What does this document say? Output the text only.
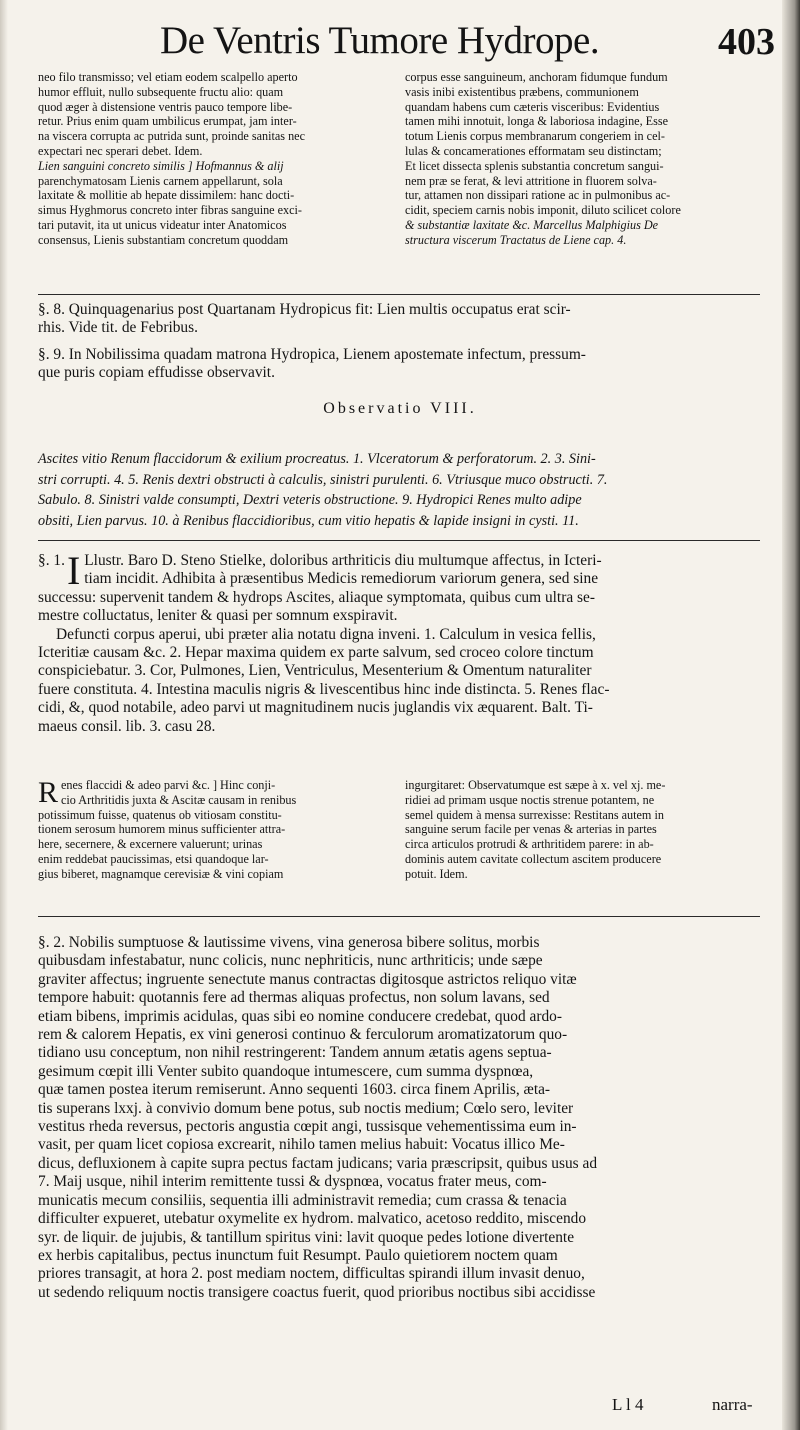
De Ventris Tumore Hydrope.	403

neo filo transmisso; vel etiam eodem scalpello aperto

humor effluit, nullo subsequente fructu alio: quam

quod æger à distensione ventris pauco tempore libe-

retur. Prius enim quam umbilicus erumpat, jam inter-

na viscera corrupta ac putrida sunt, proinde sanitas nec

expectari nec sperari debet. Idem.

Lien sanguini concreto similis ] Hofmannus & alij

parenchymatosam Lienis carnem appellarunt, sola

laxitate & mollitie ab hepate dissimilem: hanc docti-

simus Hyghmorus concreto inter fibras sanguine exci-

tari putavit, ita ut unicus videatur inter Anatomicos

consensus, Lienis substantiam concretum quoddam

corpus esse sanguineum, anchoram fidumque fundum

vasis inibi existentibus præbens, communionem

quandam habens cum cæteris visceribus: Evidentius

tamen mihi innotuit, longa & laboriosa indagine, Esse

totum Lienis corpus membranarum congeriem in cel-

lulas & concamerationes efformatam seu distinctam;

Et licet dissecta splenis substantia concretum sangui-

nem præ se ferat, & levi attritione in fluorem solva-

tur, attamen non dissipari ratione ac in pulmonibus ac-

cidit, speciem carnis nobis imponit, diluto scilicet colore

& substantiæ laxitate &c. Marcellus Malphigius De

structura viscerum Tractatus de Liene cap. 4.

§. 8. Quinquagenarius post Quartanam Hydropicus fit: Lien multis occupatus erat scir-

rhis. Vide tit. de Febribus.

§. 9. In Nobilissima quadam matrona Hydropica, Lienem apostemate infectum, pressum-

que puris copiam effudisse observavit.

Observatio VIII.

Ascites vitio Renum flaccidorum & exilium procreatus. 1. Vlceratorum & perforatorum. 2. 3. Sini-

stri corrupti. 4. 5. Renis dextri obstructi à calculis, sinistri purulenti. 6. Vtriusque muco obstructi. 7.

Sabulo. 8. Sinistri valde consumpti, Dextri veteris obstructione. 9. Hydropici Renes multo adipe

obsiti, Lien parvus. 10. à Renibus flaccidioribus, cum vitio hepatis & lapide insigni in cysti. 11.

§. 1. I Llustr. Baro D. Steno Stielke, doloribus arthriticis diu multumque affectus, in Icteri-

tiam incidit. Adhibita à præsentibus Medicis remediorum variorum genera, sed sine

successu: supervenit tandem & hydrops Ascites, aliaque symptomata, quibus cum ultra se-

mestre colluctatus, leniter & quasi per somnum exspiravit.

Defuncti corpus aperui, ubi præter alia notatu digna inveni. 1. Calculum in vesica fellis,

Icteritiæ causam &c. 2. Hepar maxima quidem ex parte salvum, sed croceo colore tinctum

conspiciebatur. 3. Cor, Pulmones, Lien, Ventriculus, Mesenterium & Omentum naturaliter

fuere constituta. 4. Intestina maculis nigris & livescentibus hinc inde distincta. 5. Renes flac-

cidi, &, quod notabile, adeo parvi ut magnitudinem nucis juglandis vix æquarent. Balt. Ti-

maeus consil. lib. 3. casu 28.

R enes flaccidi & adeo parvi &c. ] Hinc conji-

cio Arthritidis juxta & Ascitæ causam in renibus

potissimum fuisse, quatenus ob vitiosam constitu-

tionem serosum humorem minus sufficienter attra-

here, secernere, & excernere valuerunt; urinas

enim reddebat paucissimas, etsi quandoque lar-

gius biberet, magnamque cerevisiæ & vini copiam

ingurgitaret: Observatumque est sæpe à x. vel xj. me-

ridiei ad primam usque noctis strenue potantem, ne

semel quidem à mensa surrexisse: Restitans autem in

sanguine serum facile per venas & arterias in partes

circa articulos protrudi & arthritidem parere: in ab-

dominis autem cavitate collectum ascitem producere

potuit. Idem.

§. 2. Nobilis sumptuose & lautissime vivens, vina generosa bibere solitus, morbis

quibusdam infestabatur, nunc colicis, nunc nephriticis, nunc arthriticis; unde sæpe

graviter affectus; ingruente senectute manus contractas digitosque astrictos reliquo vitæ

tempore habuit: quotannis fere ad thermas aliquas profectus, non solum lavans, sed

etiam bibens, imprimis acidulas, quas sibi eo nomine conducere credebat, quod ardo-

rem & calorem Hepatis, ex vini generosi continuo & ferculorum aromatizatorum quo-

tidiano usu conceptum, non nihil restringerent: Tandem annum ætatis agens septua-

gesimum cœpit illi Venter subito quandoque intumescere, cum summa dyspnœa,

quæ tamen postea iterum remiserunt. Anno sequenti 1603. circa finem Aprilis, æta-

tis superans lxxj. à convivio domum bene potus, sub noctis medium; Cœlo sero, leviter

vestitus rheda reversus, pectoris angustia cœpit angi, tussisque vehementissima eum in-

vasit, per quam licet copiosa excrearit, nihilo tamen melius habuit: Vocatus illico Me-

dicus, defluxionem à capite supra pectus factam judicans; varia præscripsit, quibus usus ad

7. Maij usque, nihil interim remittente tussi & dyspnœa, vocatus frater meus, com-

municatis mecum consiliis, sequentia illi administravit remedia; cum crassa & tenacia

difficulter expueret, utebatur oxymelite ex hydrom. malvatico, acetoso reddito, miscendo

syr. de liquir. de jujubis, & tantillum spiritus vini: lavit quoque pedes lotione divertente

ex herbis capitalibus, pectus inunctum fuit Resumpt. Paulo quietiorem noctem quam

priores transagit, at hora 2. post mediam noctem, difficultas spirandi illum invasit denuo,

ut sedendo reliquum noctis transigere coactus fuerit, quod prioribus noctibus sibi accidisse

L l 4	narra-
